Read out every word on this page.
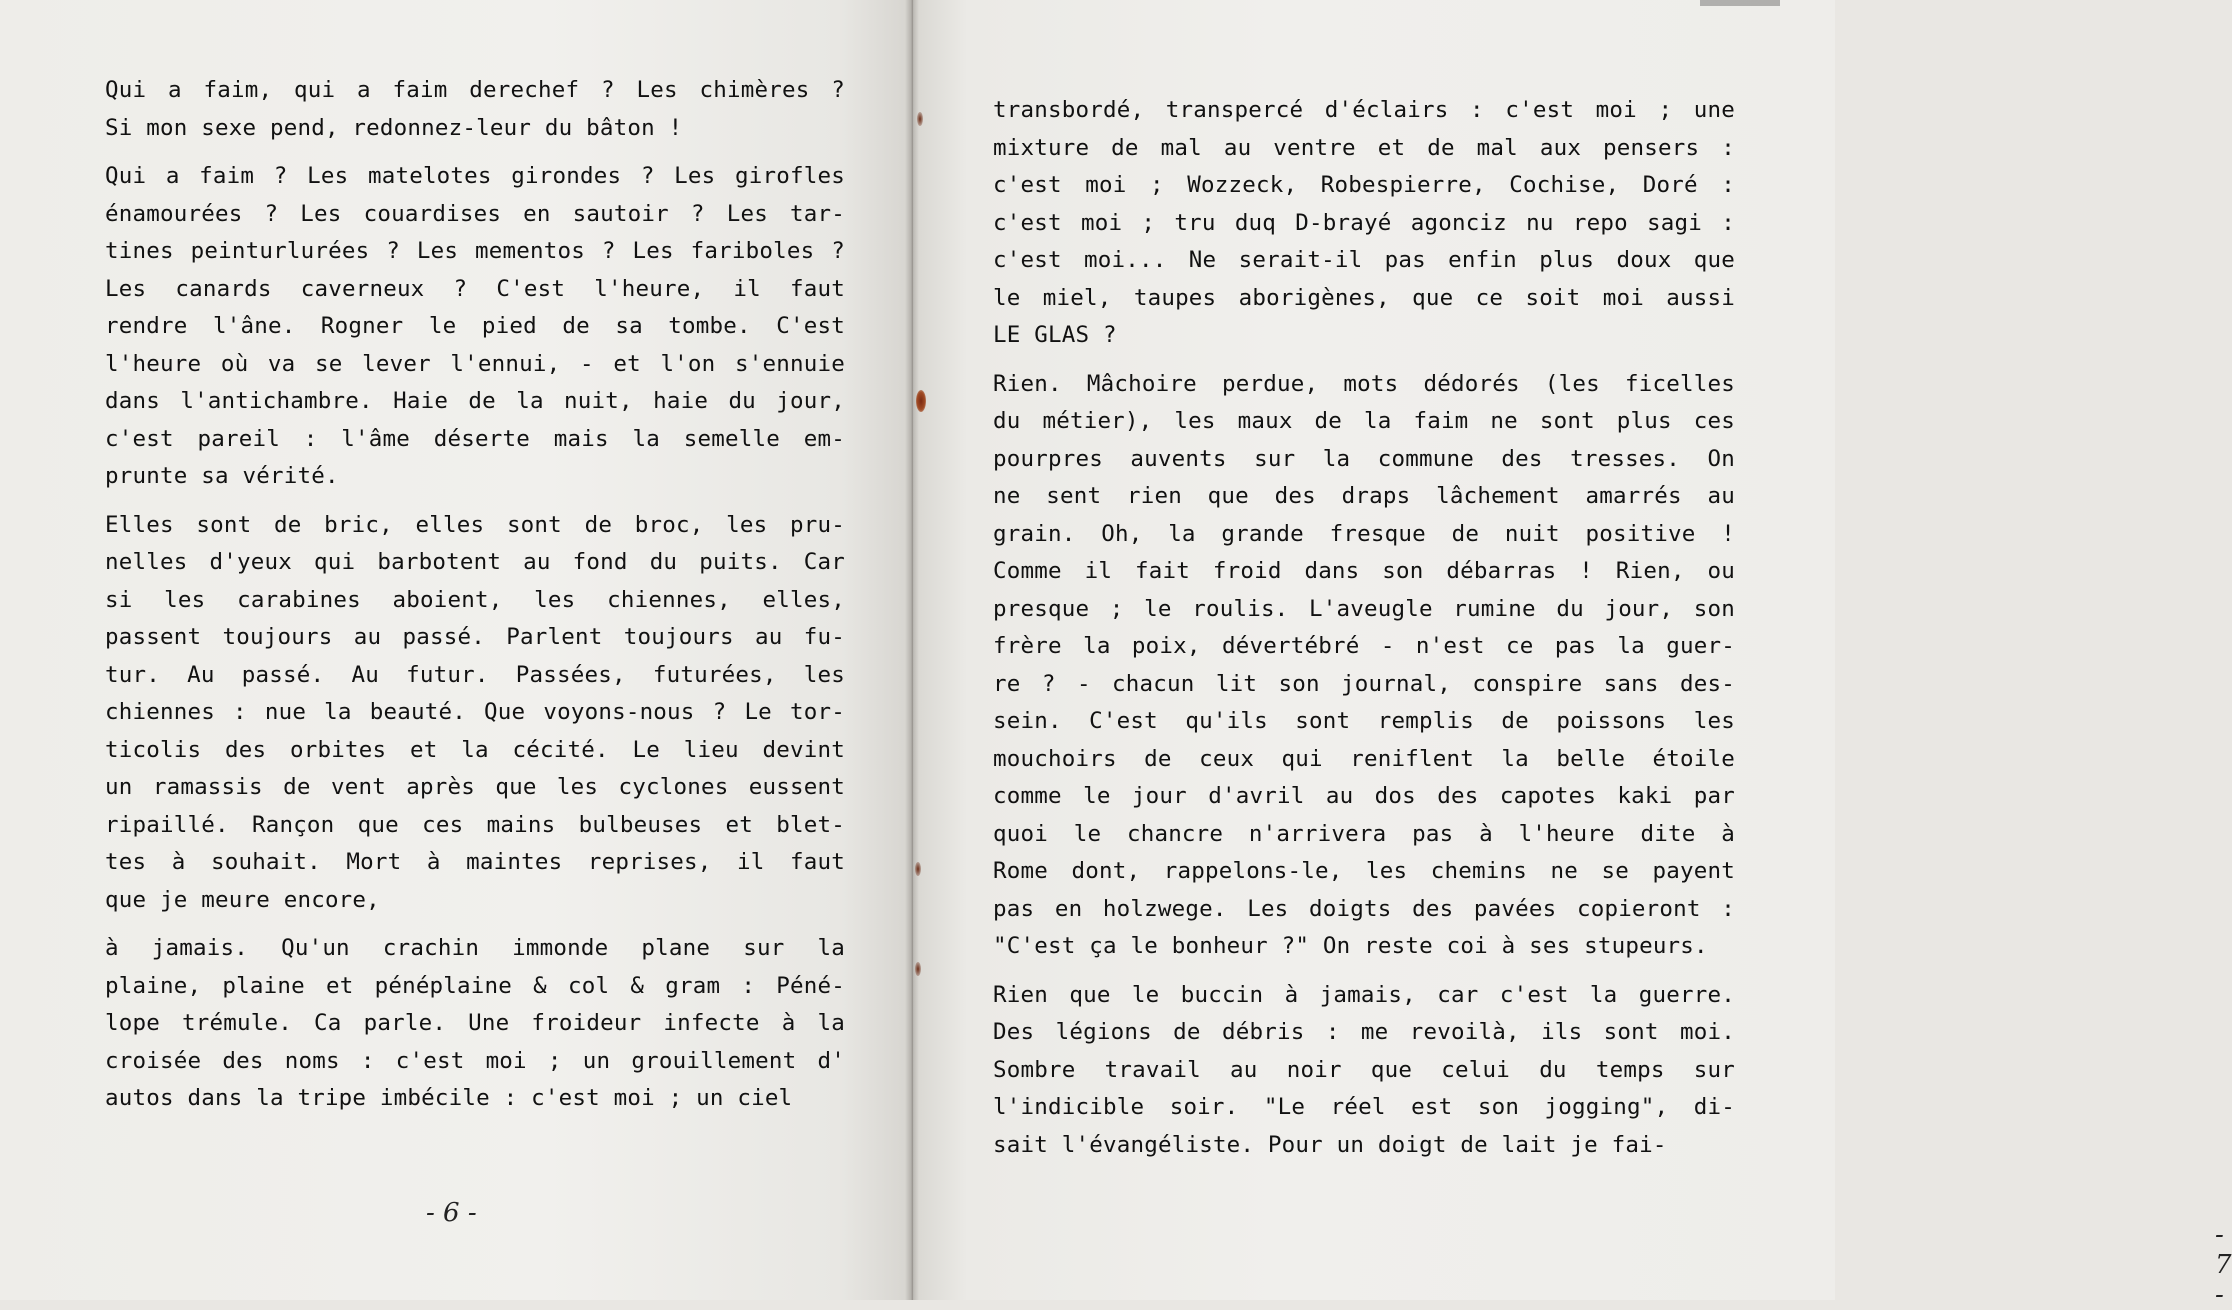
Qui a faim, qui a faim derechef ? Les chimères ?
Si mon sexe pend, redonnez-leur du bâton !
Qui a faim ? Les matelotes girondes ? Les girofles
énamourées ? Les couardises en sautoir ? Les tar-
tines peinturlurées ? Les mementos ? Les fariboles ?
Les canards caverneux ? C'est l'heure, il faut
rendre l'âne. Rogner le pied de sa tombe. C'est
l'heure où va se lever l'ennui, - et l'on s'ennuie
dans l'antichambre. Haie de la nuit, haie du jour,
c'est pareil : l'âme déserte mais la semelle em-
prunte sa vérité.
Elles sont de bric, elles sont de broc, les pru-
nelles d'yeux qui barbotent au fond du puits. Car
si les carabines aboient, les chiennes, elles,
passent toujours au passé. Parlent toujours au fu-
tur. Au passé. Au futur. Passées, futurées, les
chiennes : nue la beauté. Que voyons-nous ? Le tor-
ticolis des orbites et la cécité. Le lieu devint
un ramassis de vent après que les cyclones eussent
ripaillé. Rançon que ces mains bulbeuses et blet-
tes à souhait. Mort à maintes reprises, il faut
que je meure encore,
à jamais. Qu'un crachin immonde plane sur la
plaine, plaine et pénéplaine & col & gram : Péné-
lope trémule. Ca parle. Une froideur infecte à la
croisée des noms : c'est moi ; un grouillement d'
autos dans la tripe imbécile : c'est moi ; un ciel
- 6 -
transbordé, transpercé d'éclairs : c'est moi ; une
mixture de mal au ventre et de mal aux pensers :
c'est moi ; Wozzeck, Robespierre, Cochise, Doré :
c'est moi ; tru duq D-brayé agonciz nu repo sagi :
c'est moi... Ne serait-il pas enfin plus doux que
le miel, taupes aborigènes, que ce soit moi aussi
LE GLAS ?
Rien. Mâchoire perdue, mots dédorés (les ficelles
du métier), les maux de la faim ne sont plus ces
pourpres auvents sur la commune des tresses. On
ne sent rien que des draps lâchement amarrés au
grain. Oh, la grande fresque de nuit positive !
Comme il fait froid dans son débarras ! Rien, ou
presque ; le roulis. L'aveugle rumine du jour, son
frère la poix, dévertébré - n'est ce pas la guer-
re ? - chacun lit son journal, conspire sans des-
sein. C'est qu'ils sont remplis de poissons les
mouchoirs de ceux qui reniflent la belle étoile
comme le jour d'avril au dos des capotes kaki par
quoi le chancre n'arrivera pas à l'heure dite à
Rome dont, rappelons-le, les chemins ne se payent
pas en holzwege. Les doigts des pavées copieront :
"C'est ça le bonheur ?" On reste coi à ses stupeurs.
Rien que le buccin à jamais, car c'est la guerre.
Des légions de débris : me revoilà, ils sont moi.
Sombre travail au noir que celui du temps sur
l'indicible soir. "Le réel est son jogging", di-
sait l'évangéliste. Pour un doigt de lait je fai-
- 7 -
